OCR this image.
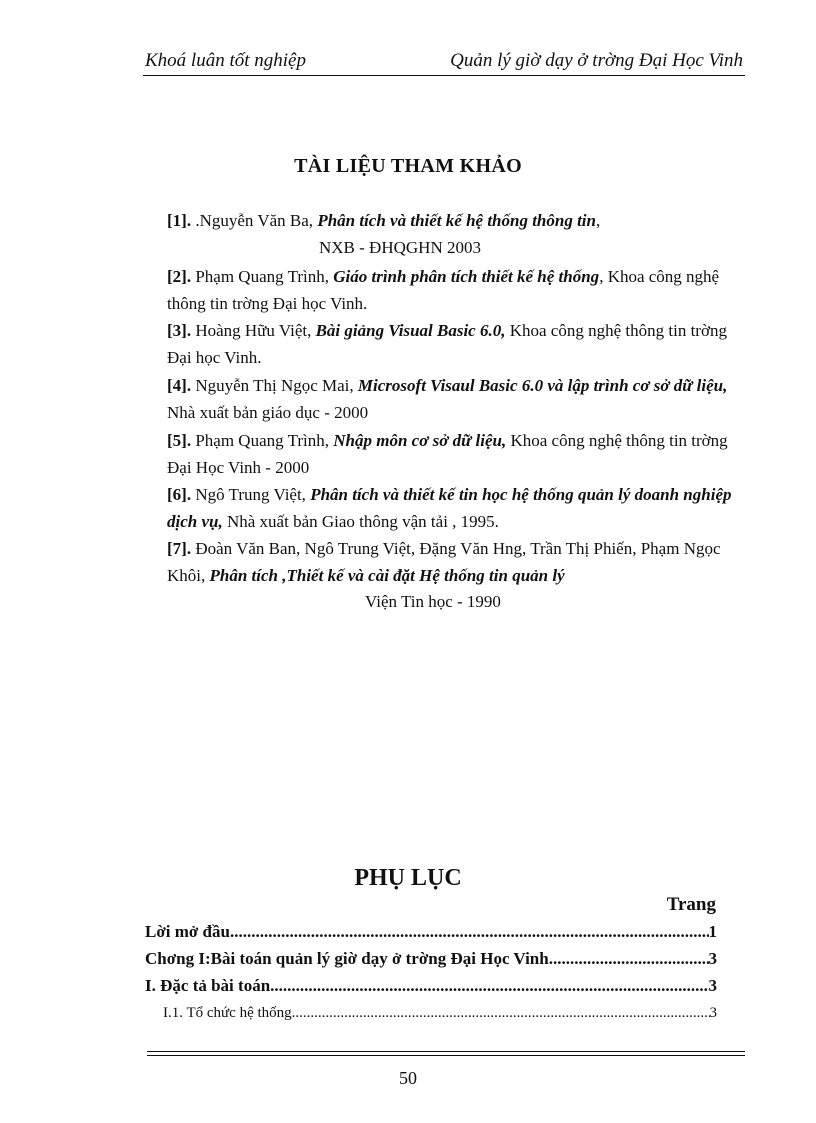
Khoá luân tốt nghiệp	Quản lý giờ dạy ở trờng Đại Học Vinh
TÀI LIỆU THAM KHẢO
[1]. .Nguyễn Văn Ba, Phân tích và thiết kế hệ thống thông tin,
NXB - ĐHQGHN 2003
[2]. Phạm Quang Trình, Giáo trình phân tích thiết kế hệ thống, Khoa công nghệ thông tin trờng Đại học Vinh.
[3]. Hoàng Hữu Việt, Bài giảng Visual Basic 6.0, Khoa công nghệ thông tin trờng Đại học Vinh.
[4]. Nguyễn Thị Ngọc Mai, Microsoft Visaul Basic 6.0 và lập trình cơ sở dữ liệu, Nhà xuất bản giáo dục - 2000
[5]. Phạm Quang Trình, Nhập môn cơ sở dữ liệu, Khoa công nghệ thông tin trờng Đại Học Vinh - 2000
[6]. Ngô Trung Việt, Phân tích và thiết kế tin học hệ thống quản lý doanh nghiệp dịch vụ, Nhà xuất bản Giao thông vận tải , 1995.
[7]. Đoàn Văn Ban, Ngô Trung Việt, Đặng Văn Hng, Trần Thị Phiến, Phạm Ngọc Khôi, Phân tích ,Thiết kế và cài đặt Hệ thống tin quản lý
Viện Tin học - 1990
PHỤ LỤC
Trang
Lời mở đầu .....	1
Chơng I:Bài toán quản lý giờ dạy ở trờng Đại Học Vinh .....	3
I. Đặc tả bài toán .....	3
I.1. Tổ chức hệ thống .....	3
50
